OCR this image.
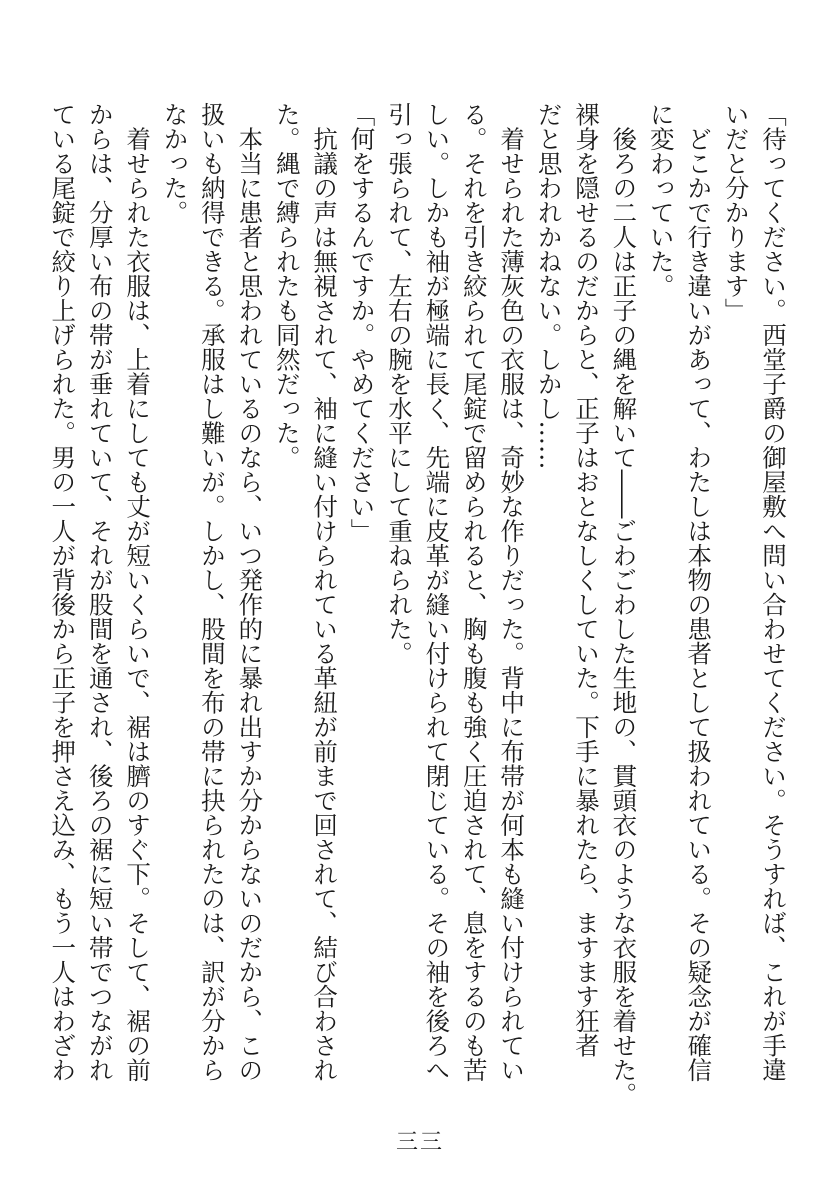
「待ってください。西堂子爵の御屋敷へ問い合わせてください。そうすれば、これが手違
いだと分かります」
　どこかで行き違いがあって、わたしは本物の患者として扱われている。その疑念が確信
に変わっていた。
　後ろの二人は正子の縄を解いて――ごわごわした生地の、貫頭衣のような衣服を着せた。
裸身を隠せるのだからと、正子はおとなしくしていた。下手に暴れたら、ますます狂者
だと思われかねない。しかし……
　着せられた薄灰色の衣服は、奇妙な作りだった。背中に布帯が何本も縫い付けられてい
る。それを引き絞られて尾錠で留められると、胸も腹も強く圧迫されて、息をするのも苦
しい。しかも袖が極端に長く、先端に皮革が縫い付けられて閉じている。その袖を後ろへ
引っ張られて、左右の腕を水平にして重ねられた。
「何をするんですか。やめてください」
　抗議の声は無視されて、袖に縫い付けられている革紐が前まで回されて、結び合わされ
た。縄で縛られたも同然だった。
　本当に患者と思われているのなら、いつ発作的に暴れ出すか分からないのだから、この
扱いも納得できる。承服はし難いが。しかし、股間を布の帯に抉られたのは、訳が分から
なかった。
　着せられた衣服は、上着にしても丈が短いくらいで、裾は臍のすぐ下。そして、裾の前
からは、分厚い布の帯が垂れていて、それが股間を通され、後ろの裾に短い帯でつながれ
ている尾錠で絞り上げられた。男の一人が背後から正子を押さえ込み、もう一人はわざわ
三三
